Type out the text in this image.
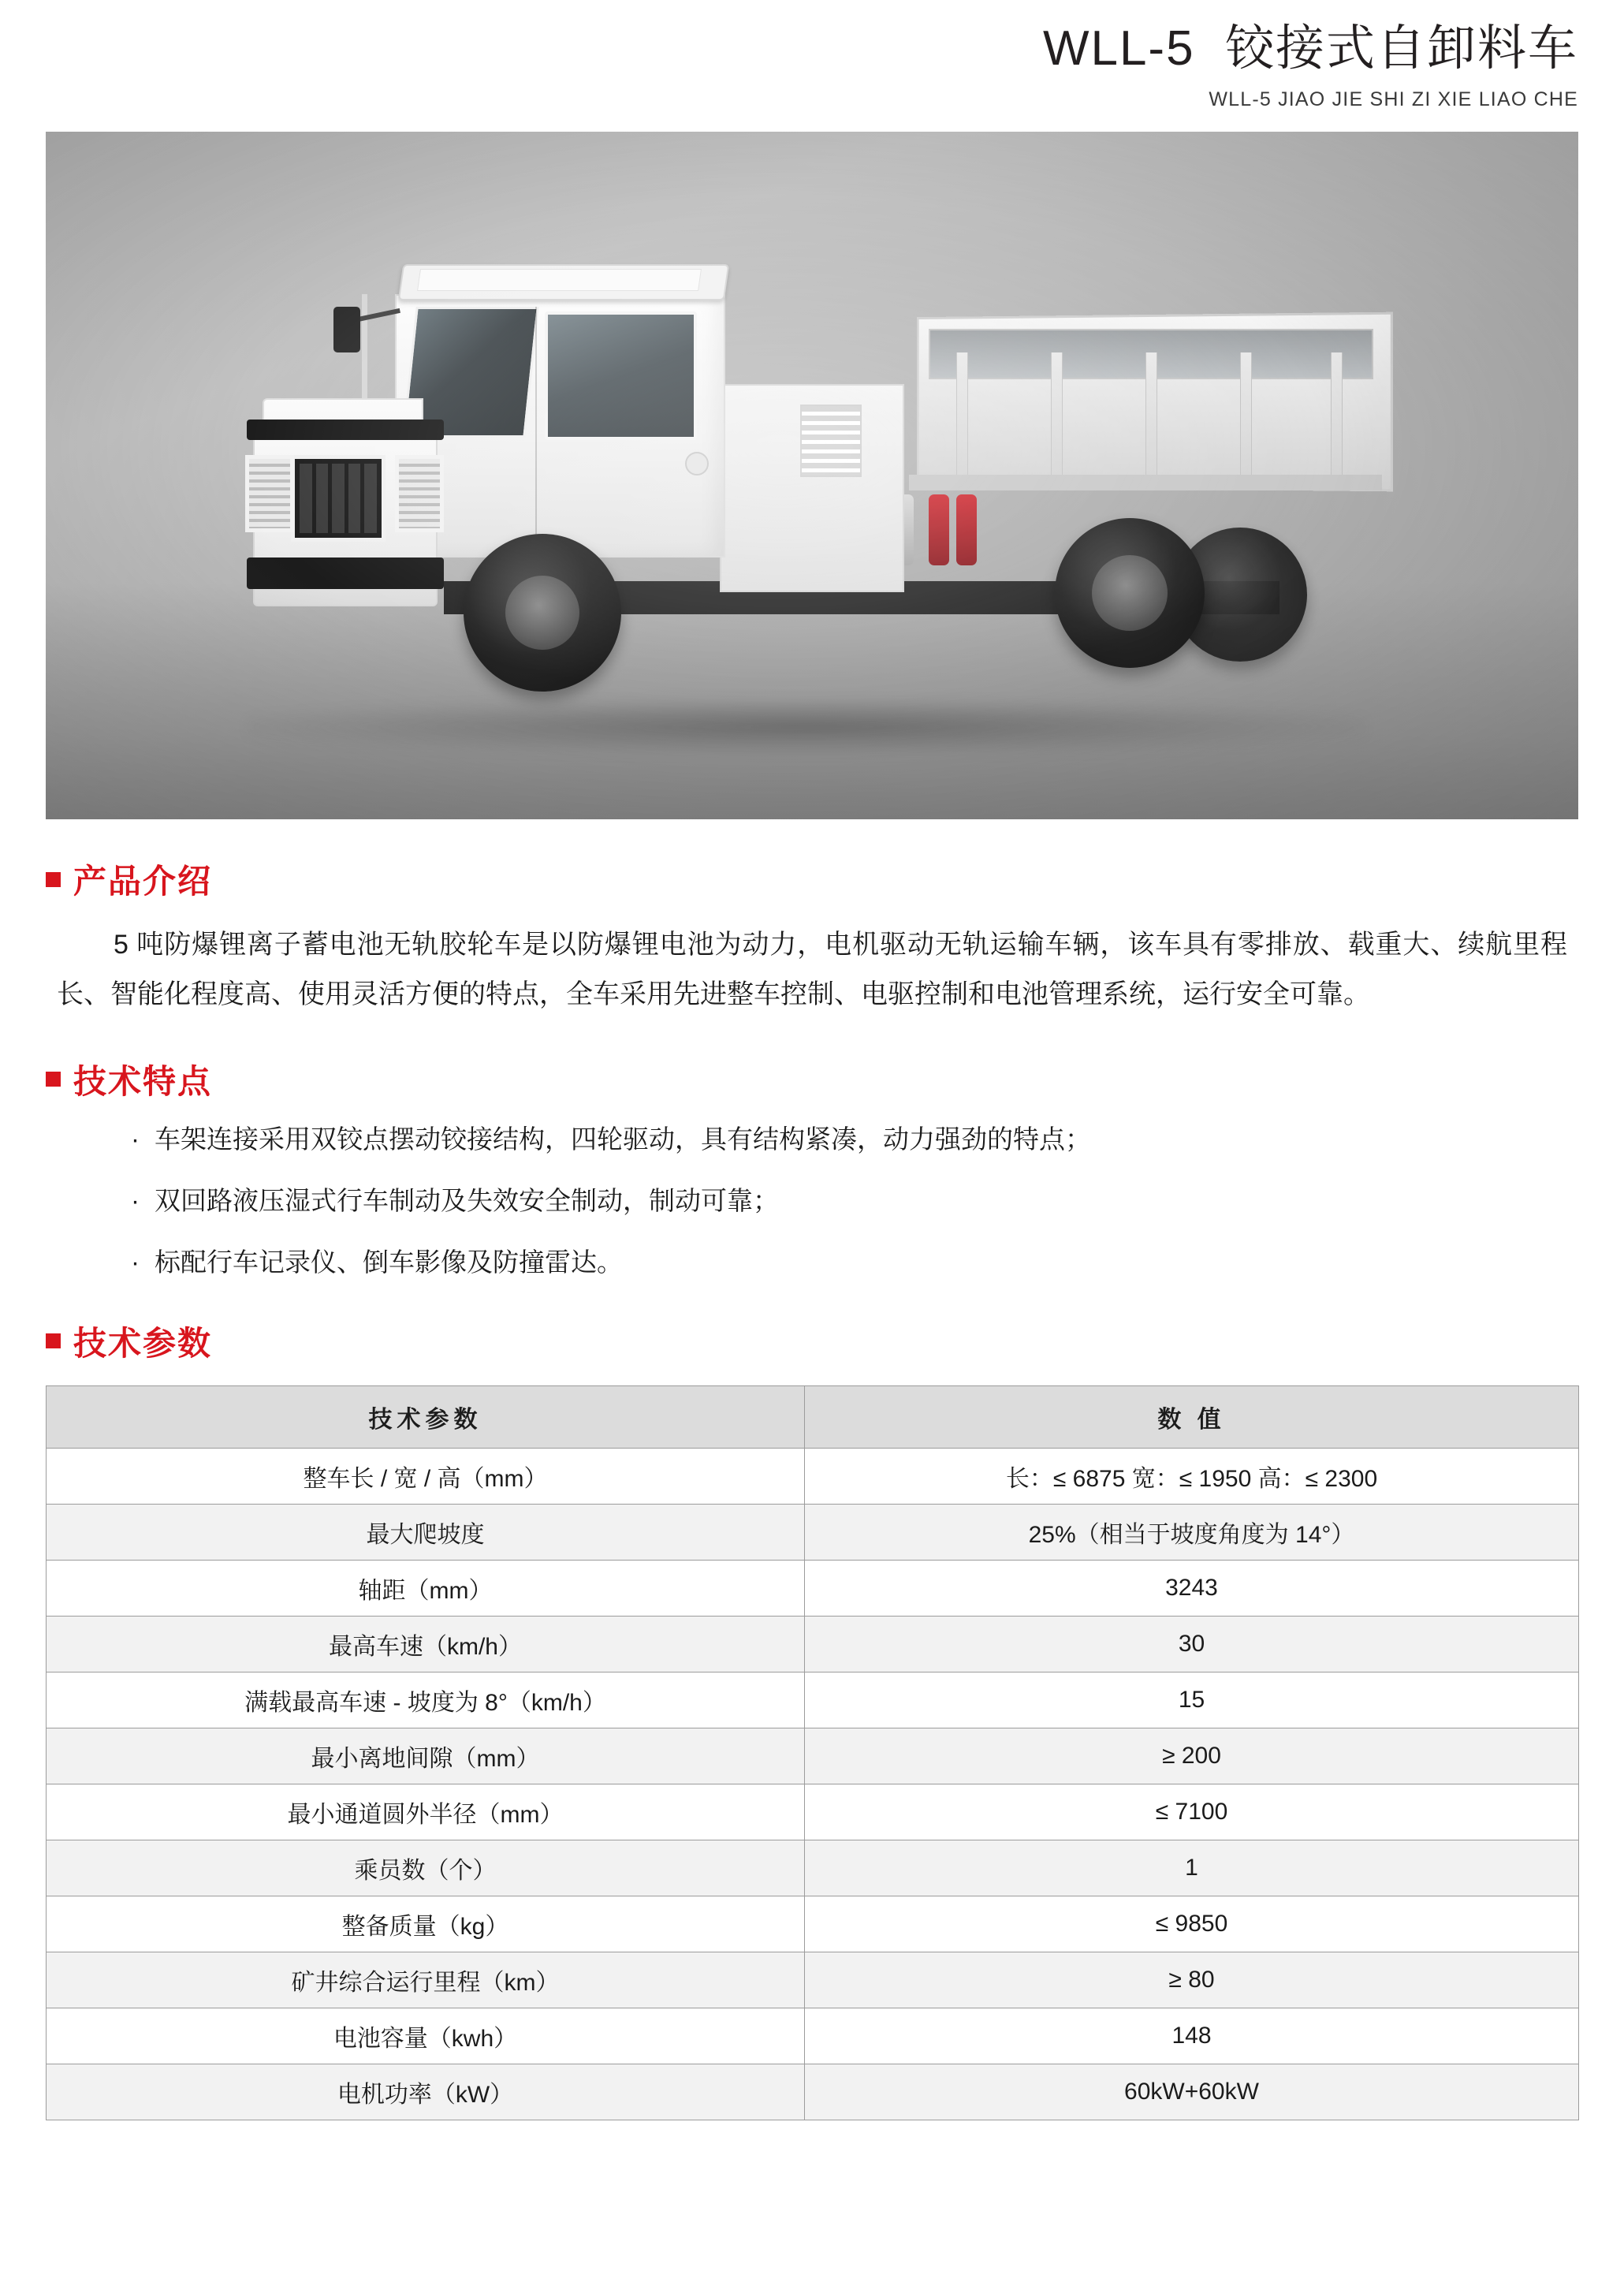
WLL-5  铰接式自卸料车
WLL-5 JIAO JIE SHI ZI XIE LIAO CHE
产品介绍

5 吨防爆锂离子蓄电池无轨胶轮车是以防爆锂电池为动力，电机驱动无轨运输车辆，该车具有零排放、载重大、续航里程长、智能化程度高、使用灵活方便的特点，全车采用先进整车控制、电驱控制和电池管理系统，运行安全可靠。

技术特点
· 车架连接采用双铰点摆动铰接结构，四轮驱动，具有结构紧凑，动力强劲的特点；
· 双回路液压湿式行车制动及失效安全制动，制动可靠；
· 标配行车记录仪、倒车影像及防撞雷达。
技术参数
技术参数	数 值
整车长 / 宽 / 高（mm）	长：≤ 6875 宽：≤ 1950 高：≤ 2300
最大爬坡度	25%（相当于坡度角度为 14°）
轴距（mm）	3243
最高车速（km/h）	30
满载最高车速 - 坡度为 8°（km/h）	15
最小离地间隙（mm）	≥ 200
最小通道圆外半径（mm）	≤ 7100
乘员数（个）	1
整备质量（kg）	≤ 9850
矿井综合运行里程（km）	≥ 80
电池容量（kwh）	148
电机功率（kW）	60kW+60kW
